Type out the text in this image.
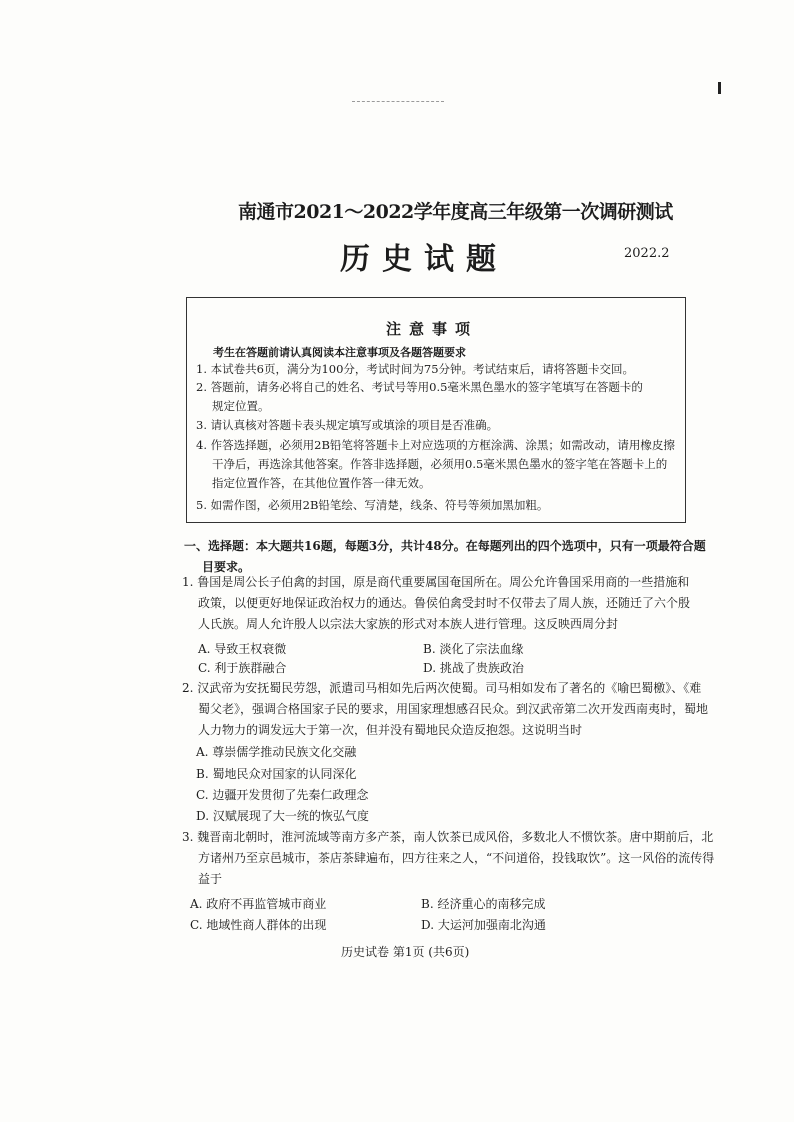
南通市2021～2022学年度高三年级第一次调研测试
历史试题	2022.2
注意事项
考生在答题前请认真阅读本注意事项及各题答题要求
1. 本试卷共6页，满分为100分，考试时间为75分钟。考试结束后，请将答题卡交回。
2. 答题前，请务必将自己的姓名、考试号等用0.5毫米黑色墨水的签字笔填写在答题卡的
规定位置。
3. 请认真核对答题卡表头规定填写或填涂的项目是否准确。
4. 作答选择题，必须用2B铅笔将答题卡上对应选项的方框涂满、涂黑；如需改动，请用橡皮擦
干净后，再选涂其他答案。作答非选择题，必须用0.5毫米黑色墨水的签字笔在答题卡上的
指定位置作答，在其他位置作答一律无效。
5. 如需作图，必须用2B铅笔绘、写清楚，线条、符号等须加黑加粗。
一、选择题：本大题共16题，每题3分，共计48分。在每题列出的四个选项中，只有一项最符合题
目要求。
1. 鲁国是周公长子伯禽的封国，原是商代重要属国奄国所在。周公允许鲁国采用商的一些措施和
政策，以便更好地保证政治权力的通达。鲁侯伯禽受封时不仅带去了周人族，还随迁了六个殷
人氏族。周人允许殷人以宗法大家族的形式对本族人进行管理。这反映西周分封
A. 导致王权衰微	B. 淡化了宗法血缘
C. 利于族群融合	D. 挑战了贵族政治
2. 汉武帝为安抚蜀民劳怨，派遣司马相如先后两次使蜀。司马相如发布了著名的《喻巴蜀檄》、《难
蜀父老》，强调合格国家子民的要求，用国家理想感召民众。到汉武帝第二次开发西南夷时，蜀地
人力物力的调发远大于第一次，但并没有蜀地民众造反抱怨。这说明当时
A. 尊崇儒学推动民族文化交融
B. 蜀地民众对国家的认同深化
C. 边疆开发贯彻了先秦仁政理念
D. 汉赋展现了大一统的恢弘气度
3. 魏晋南北朝时，淮河流域等南方多产茶，南人饮茶已成风俗，多数北人不惯饮茶。唐中期前后，北
方诸州乃至京邑城市，茶店茶肆遍布，四方往来之人，“不问道俗，投钱取饮”。这一风俗的流传得
益于
A. 政府不再监管城市商业	B. 经济重心的南移完成
C. 地域性商人群体的出现	D. 大运河加强南北沟通
历史试卷 第1页 (共6页)
